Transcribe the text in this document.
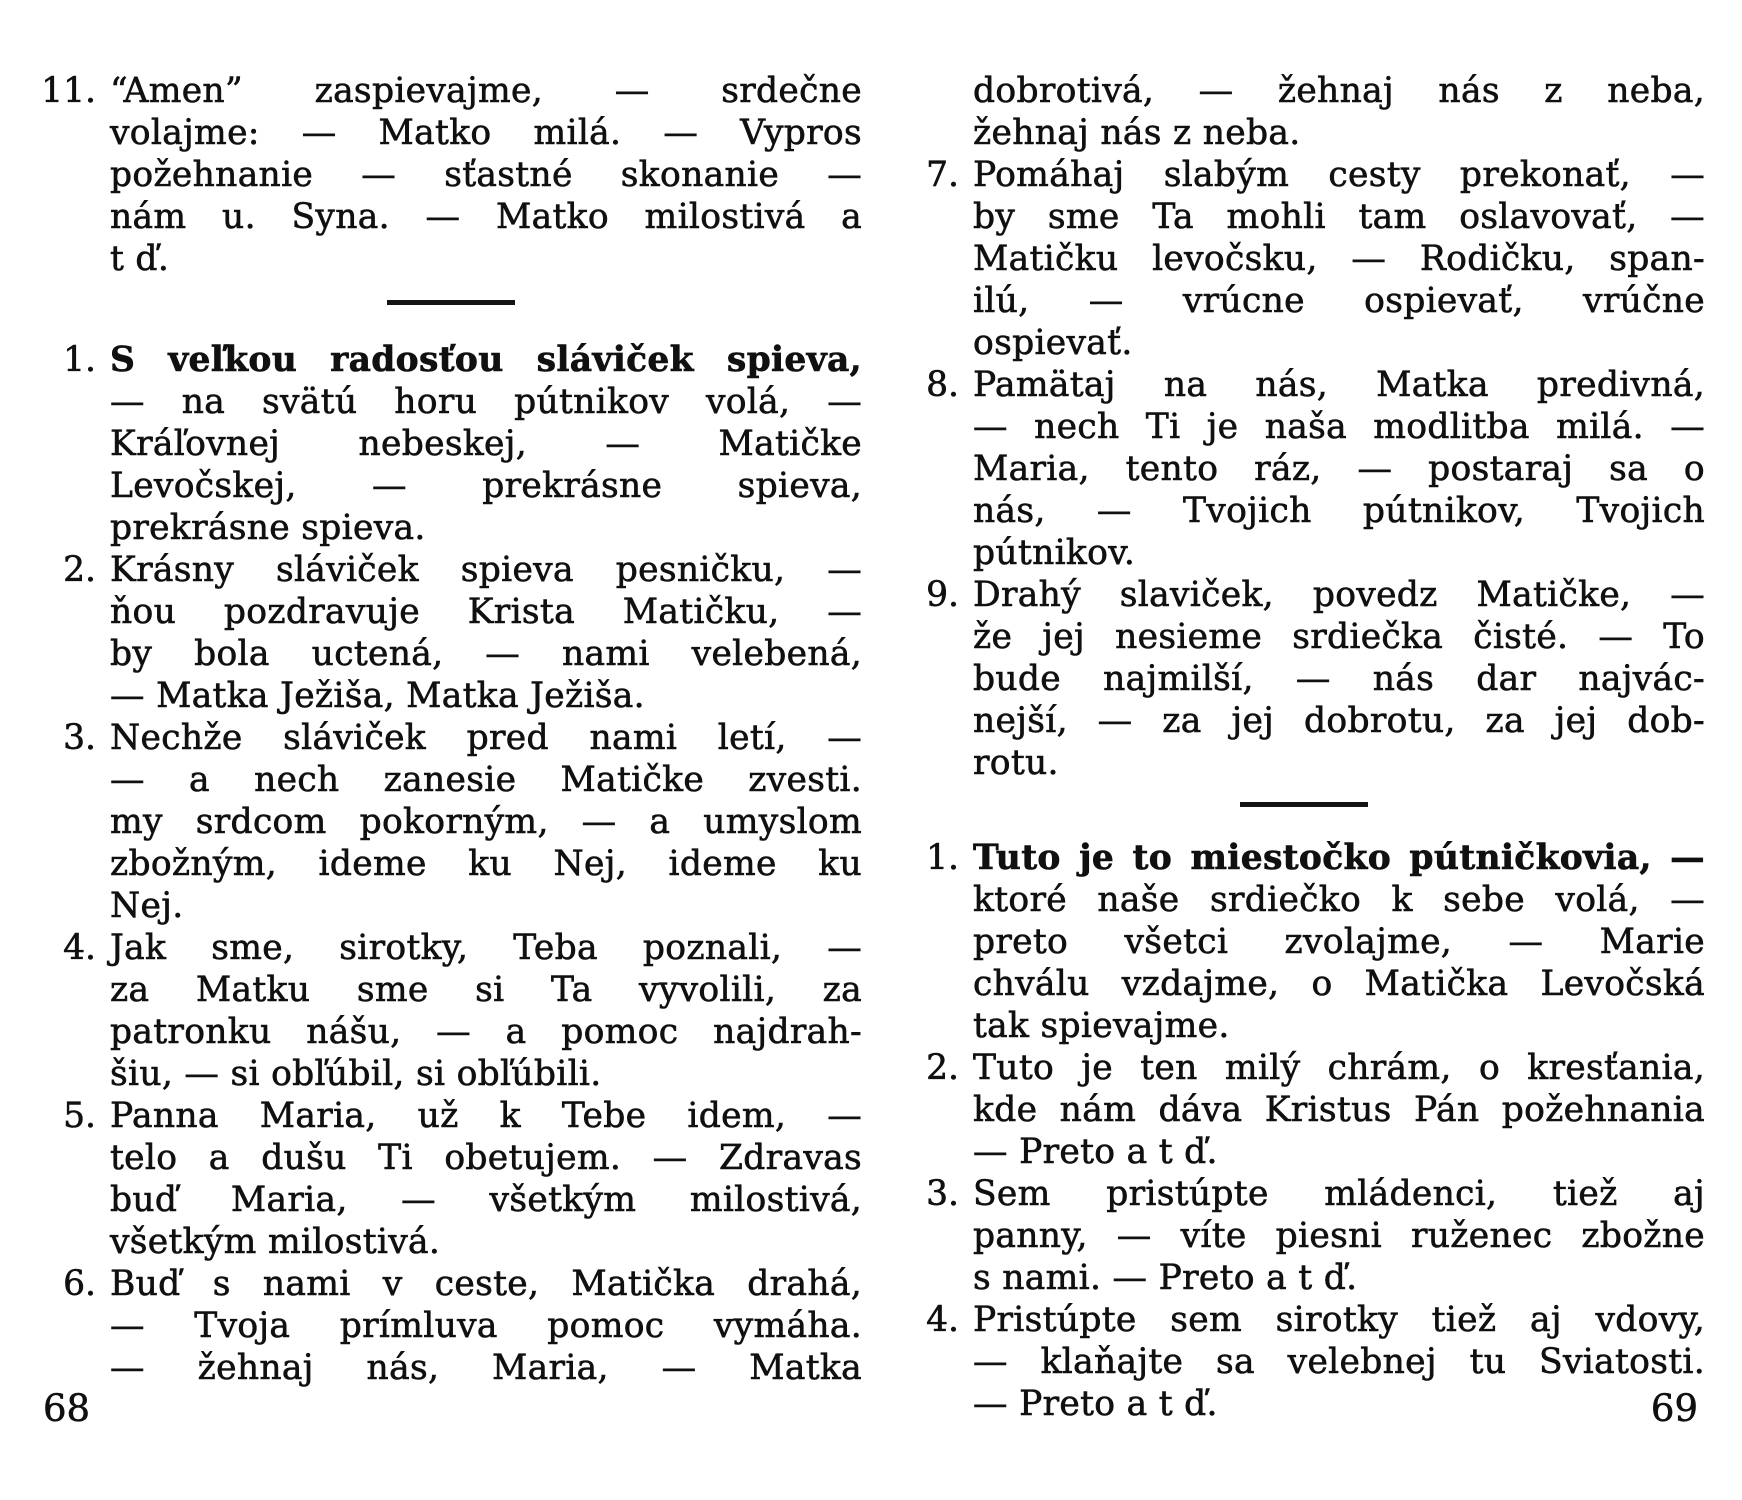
11. “Amen” zaspievajme, — srdečne
volajme: — Matko milá. — Vypros
požehnanie — sťastné skonanie —
nám u. Syna. — Matko milostivá a
t ď.
1. S veľkou radosťou sláviček spieva,
— na svätú horu pútnikov volá, —
Kráľovnej nebeskej, — Matičke
Levočskej, — prekrásne spieva,
prekrásne spieva.
2. Krásny sláviček spieva pesničku, —
ňou pozdravuje Krista Matičku, —
by bola uctená, — nami velebená,
— Matka Ježiša, Matka Ježiša.
3. Nechže sláviček pred nami letí, —
— a nech zanesie Matičke zvesti.
my srdcom pokorným, — a umyslom
zbožným, ideme ku Nej, ideme ku
Nej.
4. Jak sme, sirotky, Teba poznali, —
za Matku sme si Ta vyvolili, za
patronku nášu, — a pomoc najdrah-
šiu, — si obľúbil, si obľúbili.
5. Panna Maria, už k Tebe idem, —
telo a dušu Ti obetujem. — Zdravas
buď Maria, — všetkým milostivá,
všetkým milostivá.
6. Buď s nami v ceste, Matička drahá,
— Tvoja prímluva pomoc vymáha.
— žehnaj nás, Maria, — Matka
dobrotivá, — žehnaj nás z neba,
žehnaj nás z neba.
7. Pomáhaj slabým cesty prekonať, —
by sme Ta mohli tam oslavovať, —
Matičku levočsku, — Rodičku, span-
ilú, — vrúcne ospievať, vrúčne
ospievať.
8. Pamätaj na nás, Matka predivná,
— nech Ti je naša modlitba milá. —
Maria, tento ráz, — postaraj sa o
nás, — Tvojich pútnikov, Tvojich
pútnikov.
9. Drahý slaviček, povedz Matičke, —
že jej nesieme srdiečka čisté. — To
bude najmilší, — nás dar najvác-
nejší, — za jej dobrotu, za jej dob-
rotu.
1. Tuto je to miestočko pútničkovia, —
ktoré naše srdiečko k sebe volá, —
preto všetci zvolajme, — Marie
chválu vzdajme, o Matička Levočská
tak spievajme.
2. Tuto je ten milý chrám, o kresťania,
kde nám dáva Kristus Pán požehnania
— Preto a t ď.
3. Sem pristúpte mládenci, tiež aj
panny, — víte piesni ruženec zbožne
s nami. — Preto a t ď.
4. Pristúpte sem sirotky tiež aj vdovy,
— klaňajte sa velebnej tu Sviatosti.
— Preto a t ď.
68	69
